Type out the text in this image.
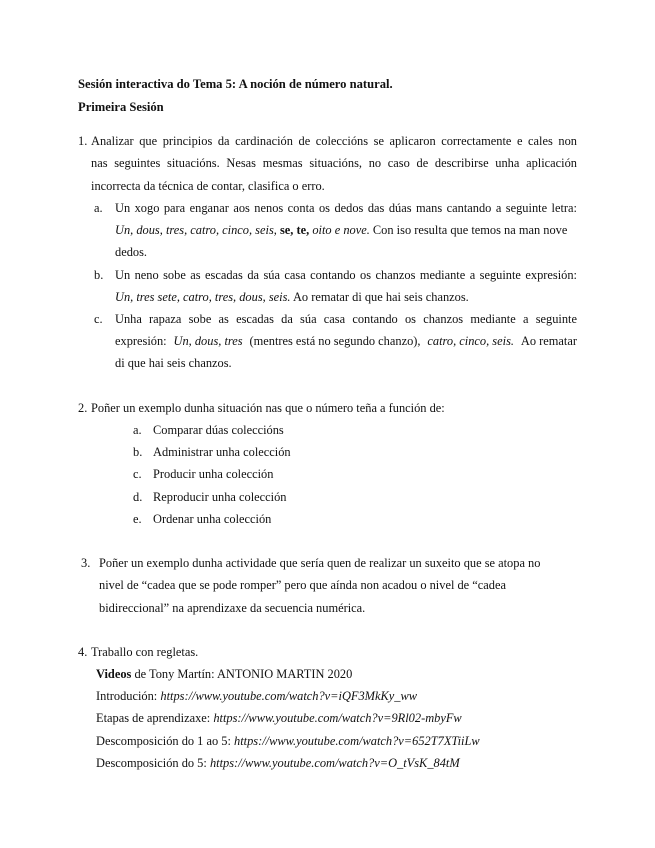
Sesión interactiva do Tema 5: A noción de número natural.
Primeira Sesión
1. Analizar que principios da cardinación de coleccións se aplicaron correctamente e cales non
nas seguintes situacións. Nesas mesmas situacións, no caso de describirse unha aplicación
incorrecta da técnica de contar, clasifica o erro.
a. Un xogo para enganar aos nenos conta os dedos das dúas mans cantando a seguinte letra:
Un, dous, tres, catro, cinco, seis, se, te, oito e nove. Con iso resulta que temos na man nove
dedos.
b. Un neno sobe as escadas da súa casa contando os chanzos mediante a seguinte expresión:
Un, tres sete, catro, tres, dous, seis. Ao rematar di que hai seis chanzos.
c. Unha rapaza sobe as escadas da súa casa contando os chanzos mediante a seguinte
expresión: Un, dous, tres (mentres está no segundo chanzo), catro, cinco, seis. Ao rematar
di que hai seis chanzos.
2. Poñer un exemplo dunha situación nas que o número teña a función de:
a. Comparar dúas coleccións
b. Administrar unha colección
c. Producir unha colección
d. Reproducir unha colección
e. Ordenar unha colección
3. Poñer un exemplo dunha actividade que sería quen de realizar un suxeito que se atopa no
nivel de “cadea que se pode romper” pero que aínda non acadou o nivel de “cadea
bidireccional” na aprendizaxe da secuencia numérica.
4. Traballo con regletas.
Videos de Tony Martín: ANTONIO MARTIN 2020
Introdución: https://www.youtube.com/watch?v=iQF3MkKy_ww
Etapas de aprendizaxe: https://www.youtube.com/watch?v=9Rl02-mbyFw
Descomposición do 1 ao 5: https://www.youtube.com/watch?v=652T7XTiiLw
Descomposición do 5: https://www.youtube.com/watch?v=O_tVsK_84tM
